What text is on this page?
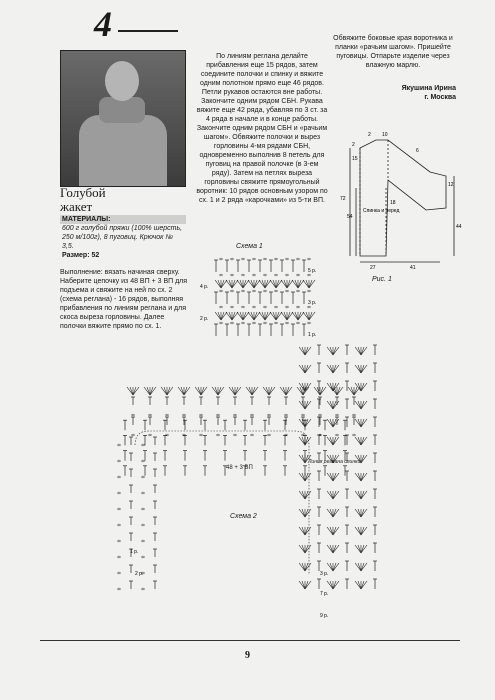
4
Голубой
жакет
МАТЕРИАЛЫ:
600 г голубой пряжи (100% шерсть, 250 м/100г), 8 пуговиц. Крючок № 3,5.
Размер: 52
Выполнение: вязать начиная сверху. Наберите цепочку из 48 ВП + 3 ВП для подъема и свяжите на ней по сх. 2 (схема реглана) - 16 рядов, выполняя прибавления по линиям реглана и для скоса выреза горловины. Далее полочки вяжите прямо по сх. 1.
По линиям реглана делайте прибавления еще 15 рядов, затем соедините полочки и спинку и вяжите одним полотном прямо еще 46 рядов. Петли рукавов остаются вне работы. Закончите одним рядом СБН. Рукава вяжите еще 42 ряда, убавляя по 3 ст. за 4 ряда в начале и в конце работы. Закончите одним рядом СБН и «рачьим шагом». Обвяжите полочки и вырез горловины 4-мя рядами СБН, одновременно выполнив 8 петель для пуговиц на правой полочке (в 3-ем ряду). Затем на петлях выреза горловины свяжите прямоугольный воротник: 10 рядов основным узором по сх. 1 и 2 ряда «карочками» из 5-ти ВП.
Обвяжите боковые края воротника и планки «рачьим шагом». Пришейте пуговицы. Отпарьте изделие через влажную марлю.
Якушина Ирина
г. Москва
2 10
6
15
2
12
72
54
18
44
27	41
Спинка и перед
Схема 1
Рис. 1
1 р.
2 р.
3 р.
4 р.
5 р.
1 р.
2 р.	3 р.
7 р.
9 р.
48 + 3 ВП
Линия реглана спинки
Схема 2
9
